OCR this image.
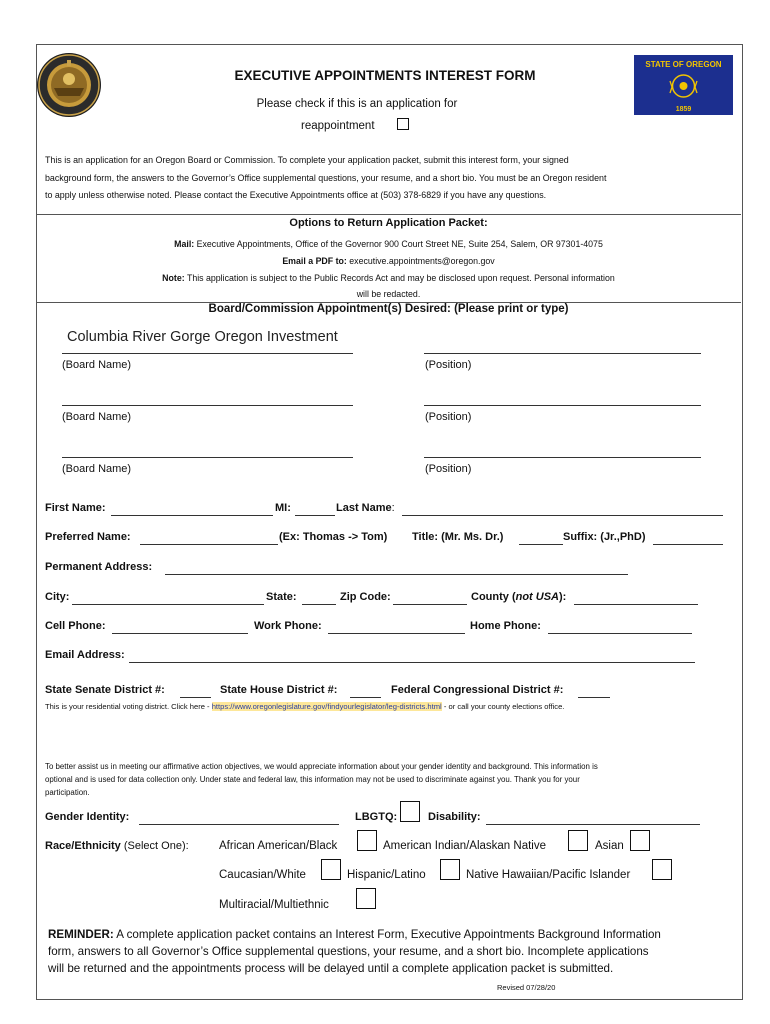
EXECUTIVE APPOINTMENTS INTEREST FORM
Please check if this is an application for
reappointment
STATE OF OREGON
1859
This is an application for an Oregon Board or Commission. To complete your application packet, submit this interest form, your signed
background form, the answers to the Governor’s Office supplemental questions, your resume, and a short bio. You must be an Oregon resident
to apply unless otherwise noted. Please contact the Executive Appointments office at (503) 378-6829 if you have any questions.
Options to Return Application Packet:
Mail: Executive Appointments, Office of the Governor 900 Court Street NE, Suite 254, Salem, OR 97301-4075
Email a PDF to: executive.appointments@oregon.gov
Note: This application is subject to the Public Records Act and may be disclosed upon request. Personal information
will be redacted.
Board/Commission Appointment(s) Desired: (Please print or type)
Columbia River Gorge Oregon Investment
(Board Name)	(Position)
(Board Name)	(Position)
(Board Name)	(Position)
First Name:	MI:	Last Name:
Preferred Name:	(Ex: Thomas -> Tom) Title: (Mr. Ms. Dr.)	Suffix: (Jr.,PhD)
Permanent Address:
City:	State:	Zip Code:	County (not USA):
Cell Phone:	Work Phone:	Home Phone:
Email Address:
State Senate District #:	State House District #:	Federal Congressional District #:
This is your residential voting district. Click here - https://www.oregonlegislature.gov/findyourlegislator/leg-districts.html - or call your county elections office.
To better assist us in meeting our affirmative action objectives, we would appreciate information about your gender identity and background. This information is
optional and is used for data collection only. Under state and federal law, this information may not be used to discriminate against you. Thank you for your
participation.
Gender Identity:	LBGTQ:	Disability:
Race/Ethnicity (Select One):	African American/Black	American Indian/Alaskan Native	Asian
Caucasian/White	Hispanic/Latino	Native Hawaiian/Pacific Islander
Multiracial/Multiethnic
REMINDER: A complete application packet contains an Interest Form, Executive Appointments Background Information
form, answers to all Governor’s Office supplemental questions, your resume, and a short bio. Incomplete applications
will be returned and the appointments process will be delayed until a complete application packet is submitted.
Revised 07/28/20
